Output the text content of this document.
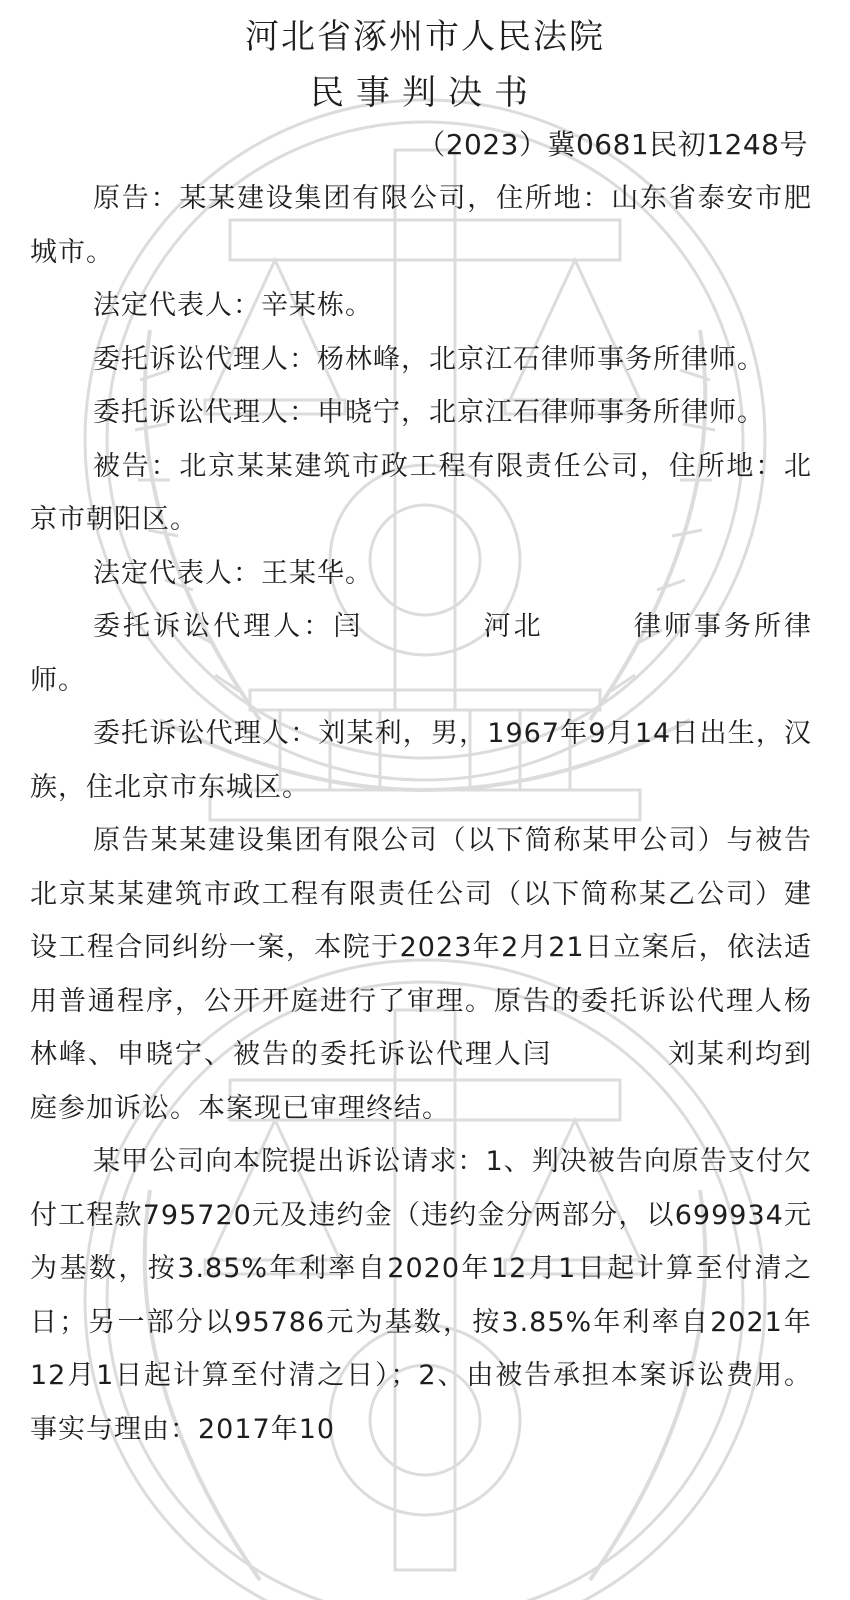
河北省涿州市人民法院
民事判决书
（2023）冀0681民初1248号

原告：某某建设集团有限公司，住所地：山东省泰安市肥城市。

法定代表人：辛某栋。

委托诉讼代理人：杨林峰，北京江石律师事务所律师。

委托诉讼代理人：申晓宁，北京江石律师事务所律师。

被告：北京某某建筑市政工程有限责任公司，住所地：北京市朝阳区。

法定代表人：王某华。

委托诉讼代理人：闫　　　　河北　　　律师事务所律师。

委托诉讼代理人：刘某利，男，1967年9月14日出生，汉族，住北京市东城区。

原告某某建设集团有限公司（以下简称某甲公司）与被告北京某某建筑市政工程有限责任公司（以下简称某乙公司）建设工程合同纠纷一案，本院于2023年2月21日立案后，依法适用普通程序，公开开庭进行了审理。原告的委托诉讼代理人杨林峰、申晓宁、被告的委托诉讼代理人闫　　　　刘某利均到庭参加诉讼。本案现已审理终结。

某甲公司向本院提出诉讼请求：1、判决被告向原告支付欠付工程款795720元及违约金（违约金分两部分，以699934元为基数，按3.85%年利率自2020年12月1日起计算至付清之日；另一部分以95786元为基数，按3.85%年利率自2021年12月1日起计算至付清之日）；2、由被告承担本案诉讼费用。事实与理由：2017年10
